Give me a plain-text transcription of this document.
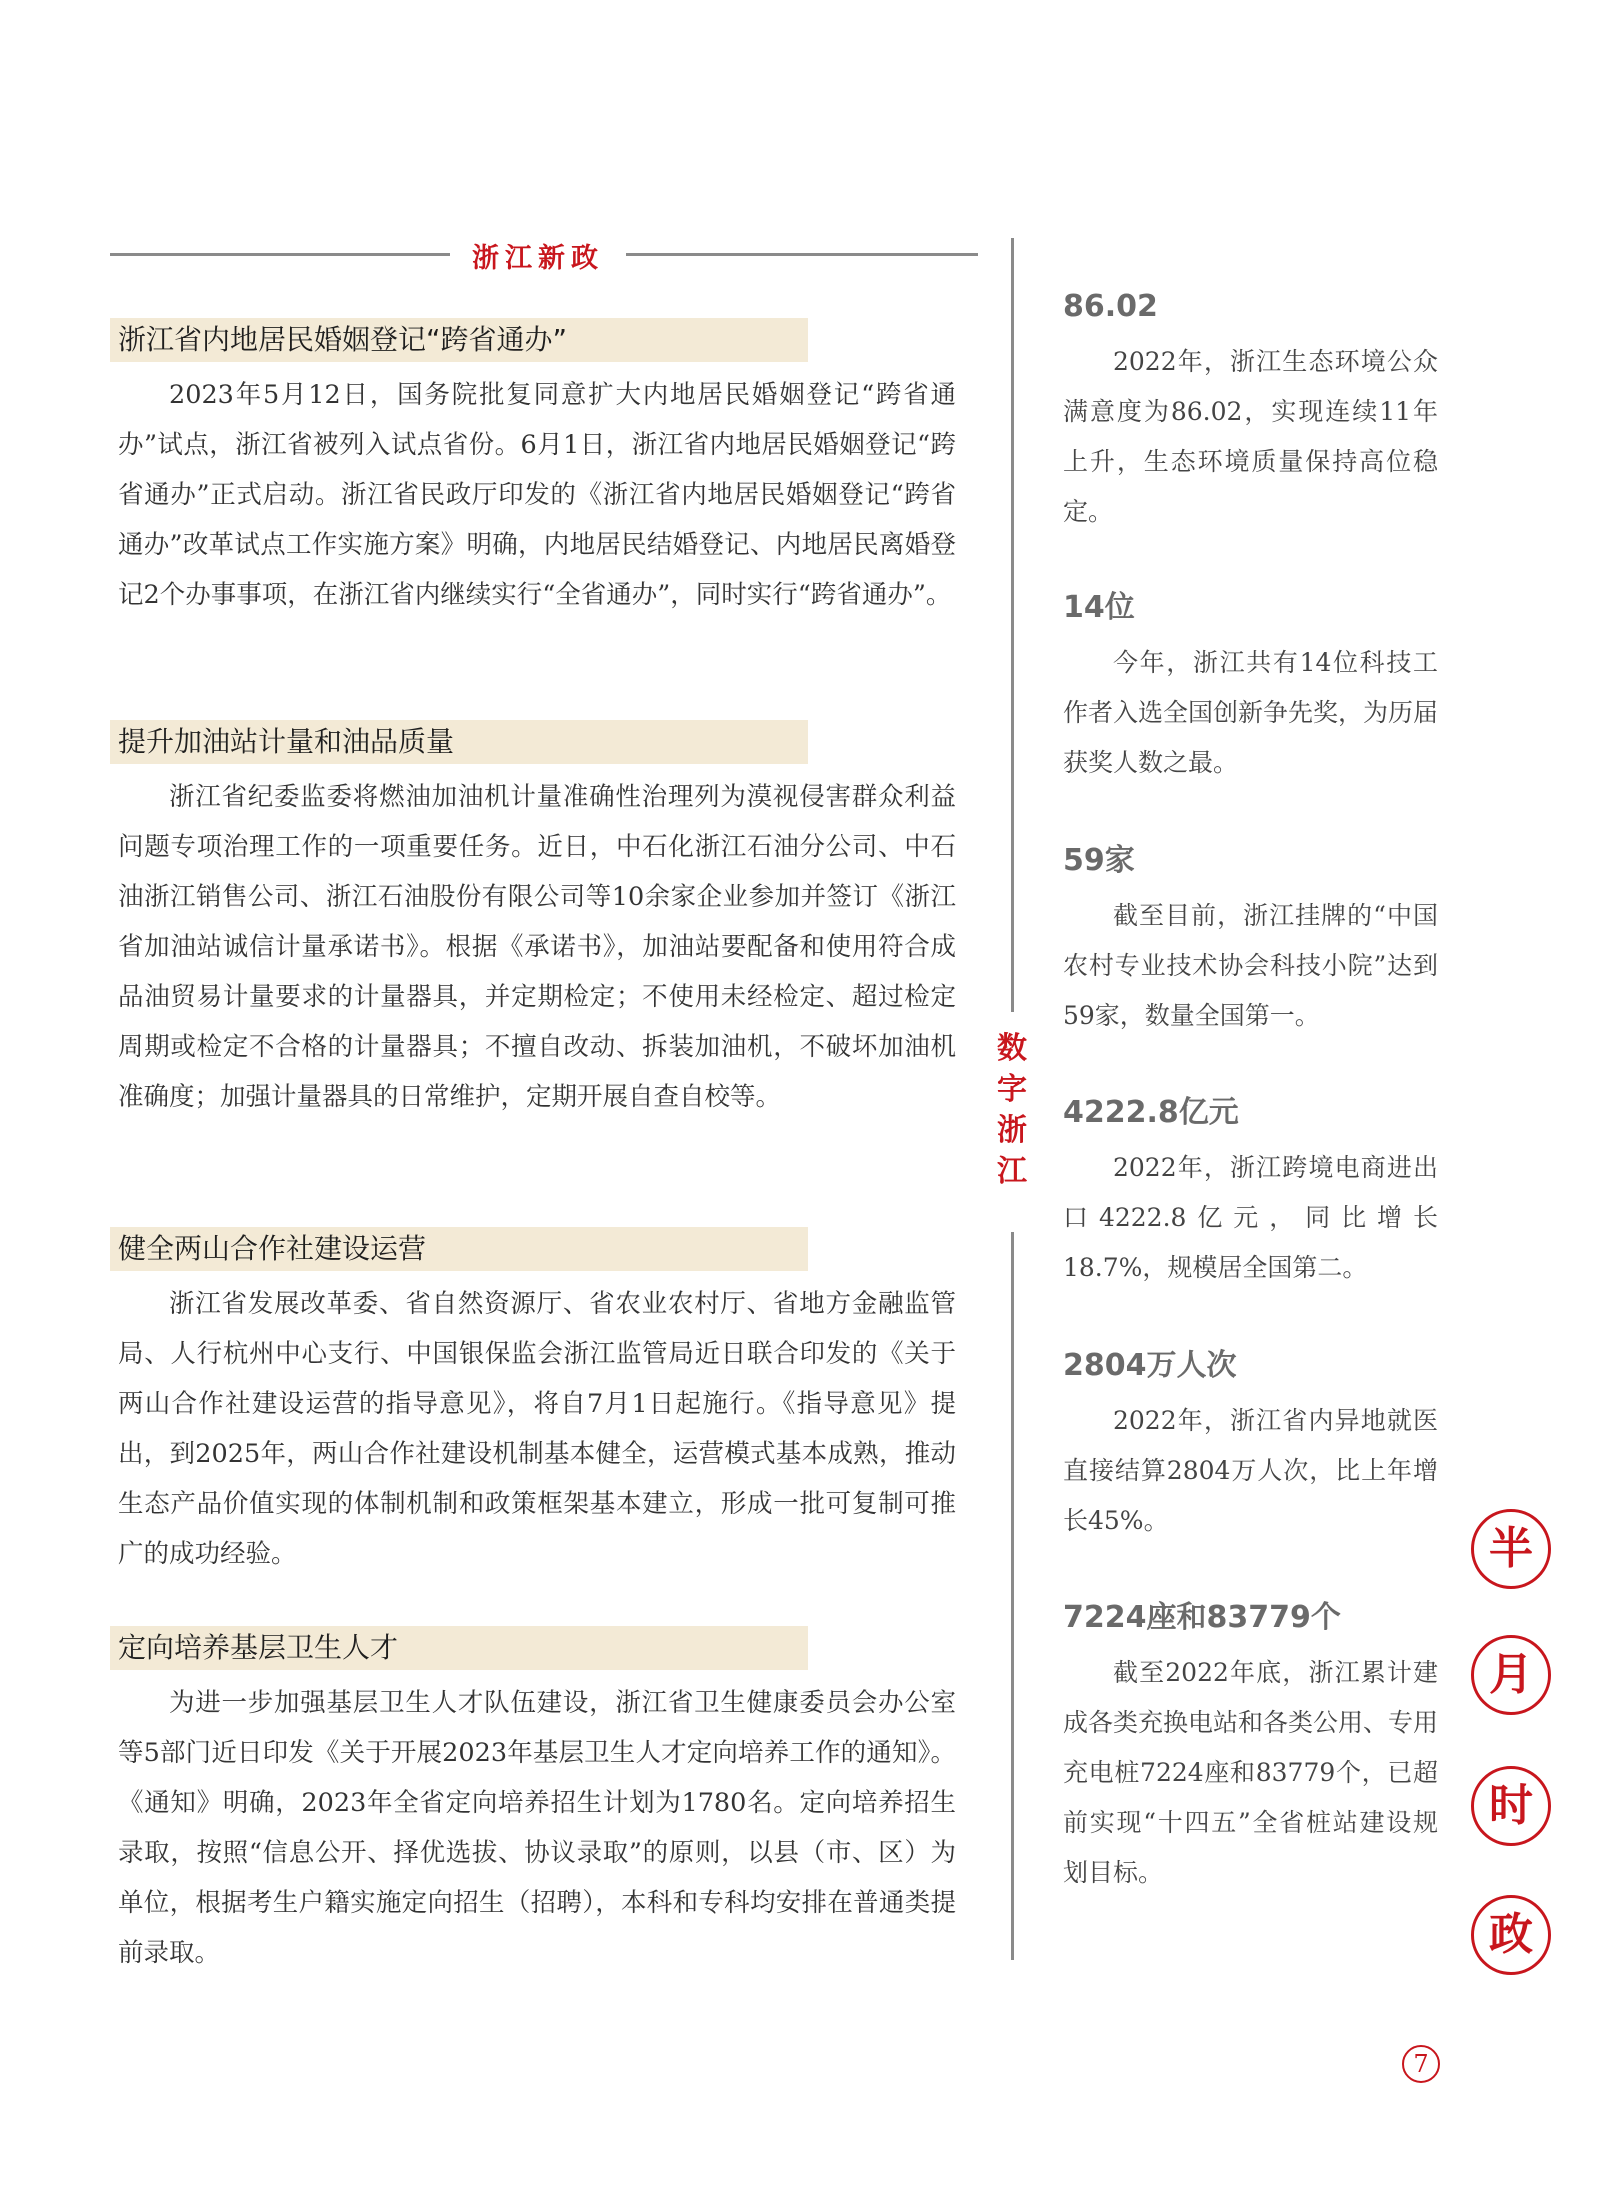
浙江新政
浙江省内地居民婚姻登记“跨省通办”
2023年5月12日，国务院批复同意扩大内地居民婚姻登记“跨省通办”试点，浙江省被列入试点省份。6月1日，浙江省内地居民婚姻登记“跨省通办”正式启动。浙江省民政厅印发的《浙江省内地居民婚姻登记“跨省通办”改革试点工作实施方案》明确，内地居民结婚登记、内地居民离婚登记2个办事事项，在浙江省内继续实行“全省通办”，同时实行“跨省通办”。
提升加油站计量和油品质量
浙江省纪委监委将燃油加油机计量准确性治理列为漠视侵害群众利益问题专项治理工作的一项重要任务。近日，中石化浙江石油分公司、中石油浙江销售公司、浙江石油股份有限公司等10余家企业参加并签订《浙江省加油站诚信计量承诺书》。根据《承诺书》，加油站要配备和使用符合成品油贸易计量要求的计量器具，并定期检定；不使用未经检定、超过检定周期或检定不合格的计量器具；不擅自改动、拆装加油机，不破坏加油机准确度；加强计量器具的日常维护，定期开展自查自校等。
健全两山合作社建设运营
浙江省发展改革委、省自然资源厅、省农业农村厅、省地方金融监管局、人行杭州中心支行、中国银保监会浙江监管局近日联合印发的《关于两山合作社建设运营的指导意见》，将自7月1日起施行。《指导意见》提出，到2025年，两山合作社建设机制基本健全，运营模式基本成熟，推动生态产品价值实现的体制机制和政策框架基本建立，形成一批可复制可推广的成功经验。
定向培养基层卫生人才
为进一步加强基层卫生人才队伍建设，浙江省卫生健康委员会办公室等5部门近日印发《关于开展2023年基层卫生人才定向培养工作的通知》。《通知》明确，2023年全省定向培养招生计划为1780名。定向培养招生录取，按照“信息公开、择优选拔、协议录取”的原则，以县（市、区）为单位，根据考生户籍实施定向招生（招聘），本科和专科均安排在普通类提前录取。
数字浙江
86.02
2022年，浙江生态环境公众满意度为86.02，实现连续11年上升，生态环境质量保持高位稳定。
14位
今年，浙江共有14位科技工作者入选全国创新争先奖，为历届获奖人数之最。
59家
截至目前，浙江挂牌的“中国农村专业技术协会科技小院”达到59家，数量全国第一。
4222.8亿元
2022年，浙江跨境电商进出口4222.8亿元，同比增长18.7%，规模居全国第二。
2804万人次
2022年，浙江省内异地就医直接结算2804万人次，比上年增长45%。
7224座和83779个
截至2022年底，浙江累计建成各类充换电站和各类公用、专用充电桩7224座和83779个，已超前实现“十四五”全省桩站建设规划目标。
半
月
时
政
7
